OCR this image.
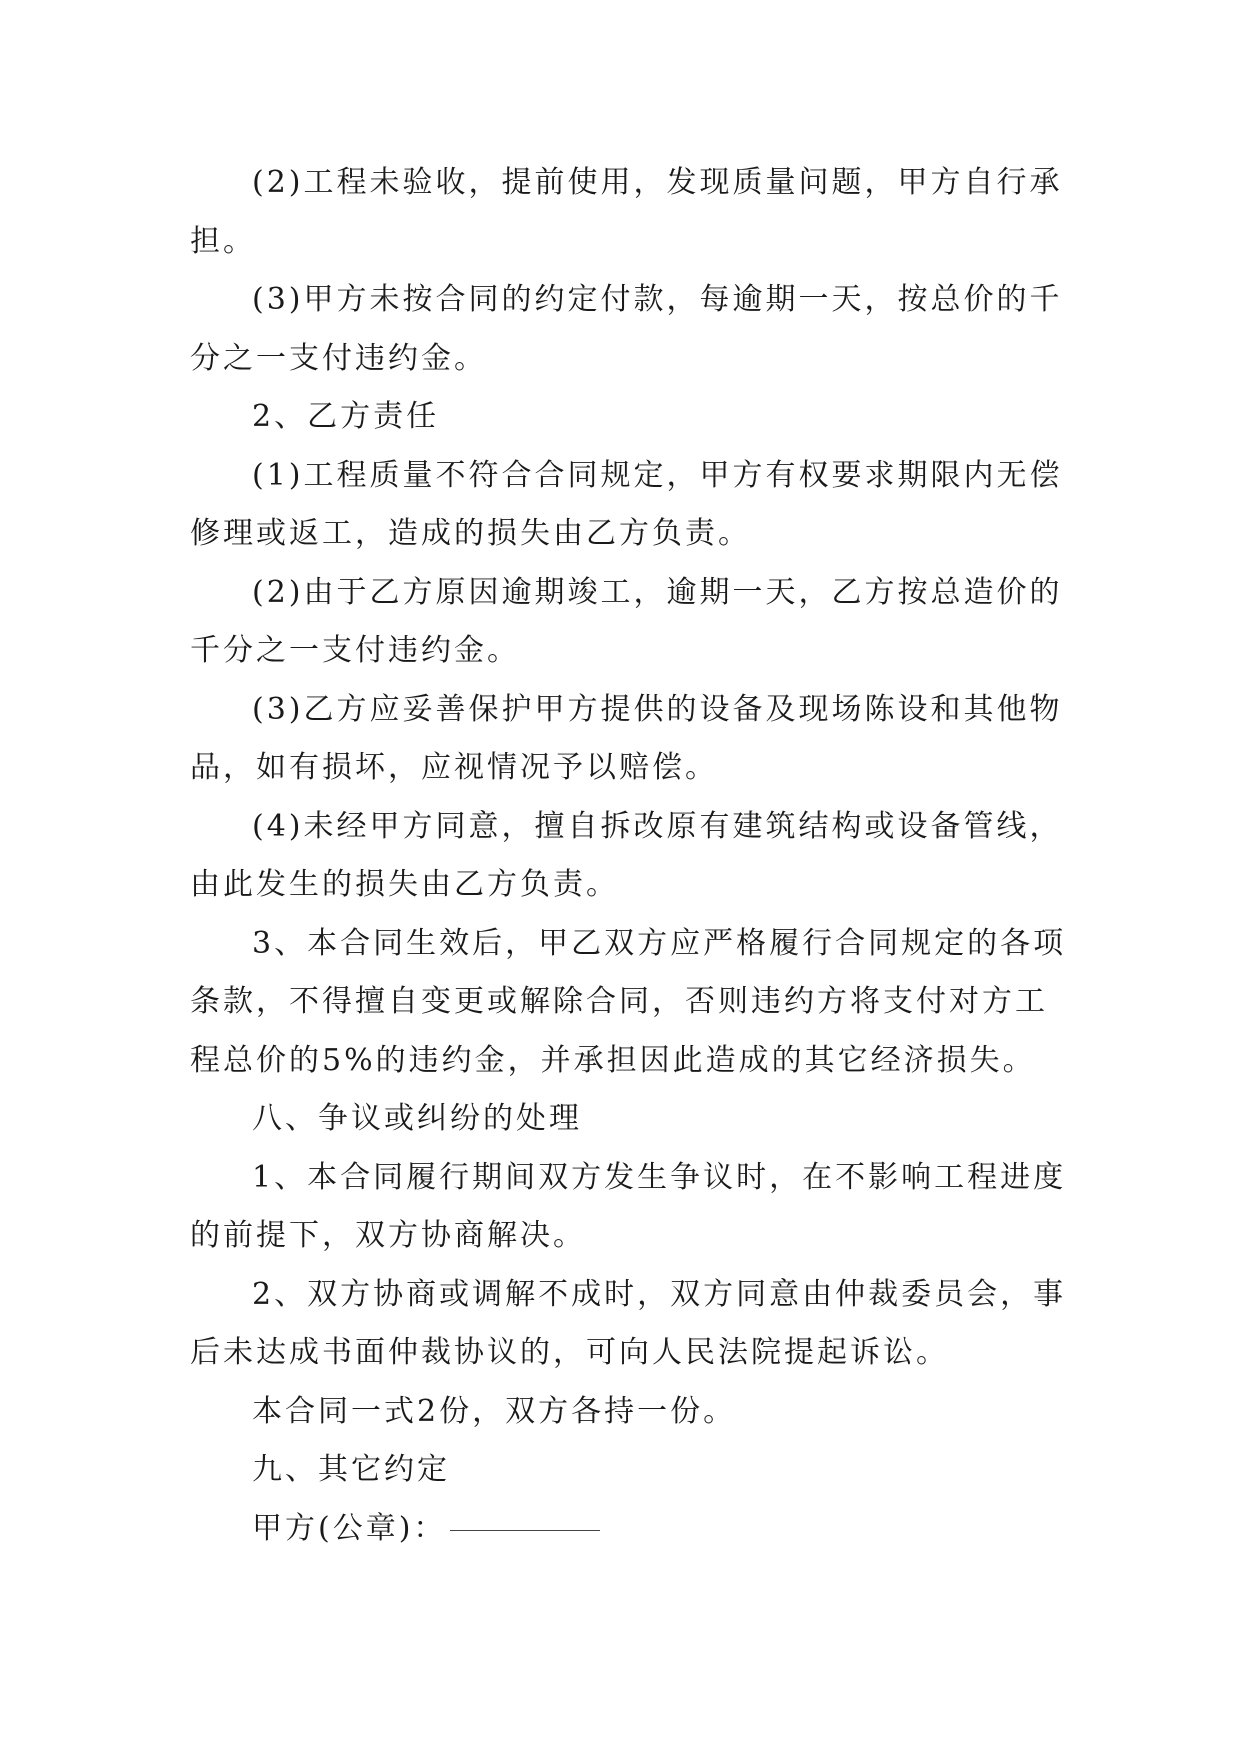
(2)工程未验收，提前使用，发现质量问题，甲方自行承担。

(3)甲方未按合同的约定付款，每逾期一天，按总价的千分之一支付违约金。

2、乙方责任

(1)工程质量不符合合同规定，甲方有权要求期限内无偿修理或返工，造成的损失由乙方负责。

(2)由于乙方原因逾期竣工，逾期一天，乙方按总造价的千分之一支付违约金。

(3)乙方应妥善保护甲方提供的设备及现场陈设和其他物品，如有损坏，应视情况予以赔偿。

(4)未经甲方同意，擅自拆改原有建筑结构或设备管线，由此发生的损失由乙方负责。

3、本合同生效后，甲乙双方应严格履行合同规定的各项条款，不得擅自变更或解除合同，否则违约方将支付对方工程总价的5%的违约金，并承担因此造成的其它经济损失。

八、争议或纠纷的处理

1、本合同履行期间双方发生争议时，在不影响工程进度的前提下，双方协商解决。

2、双方协商或调解不成时，双方同意由仲裁委员会，事后未达成书面仲裁协议的，可向人民法院提起诉讼。

本合同一式2份，双方各持一份。

九、其它约定

甲方(公章)：
